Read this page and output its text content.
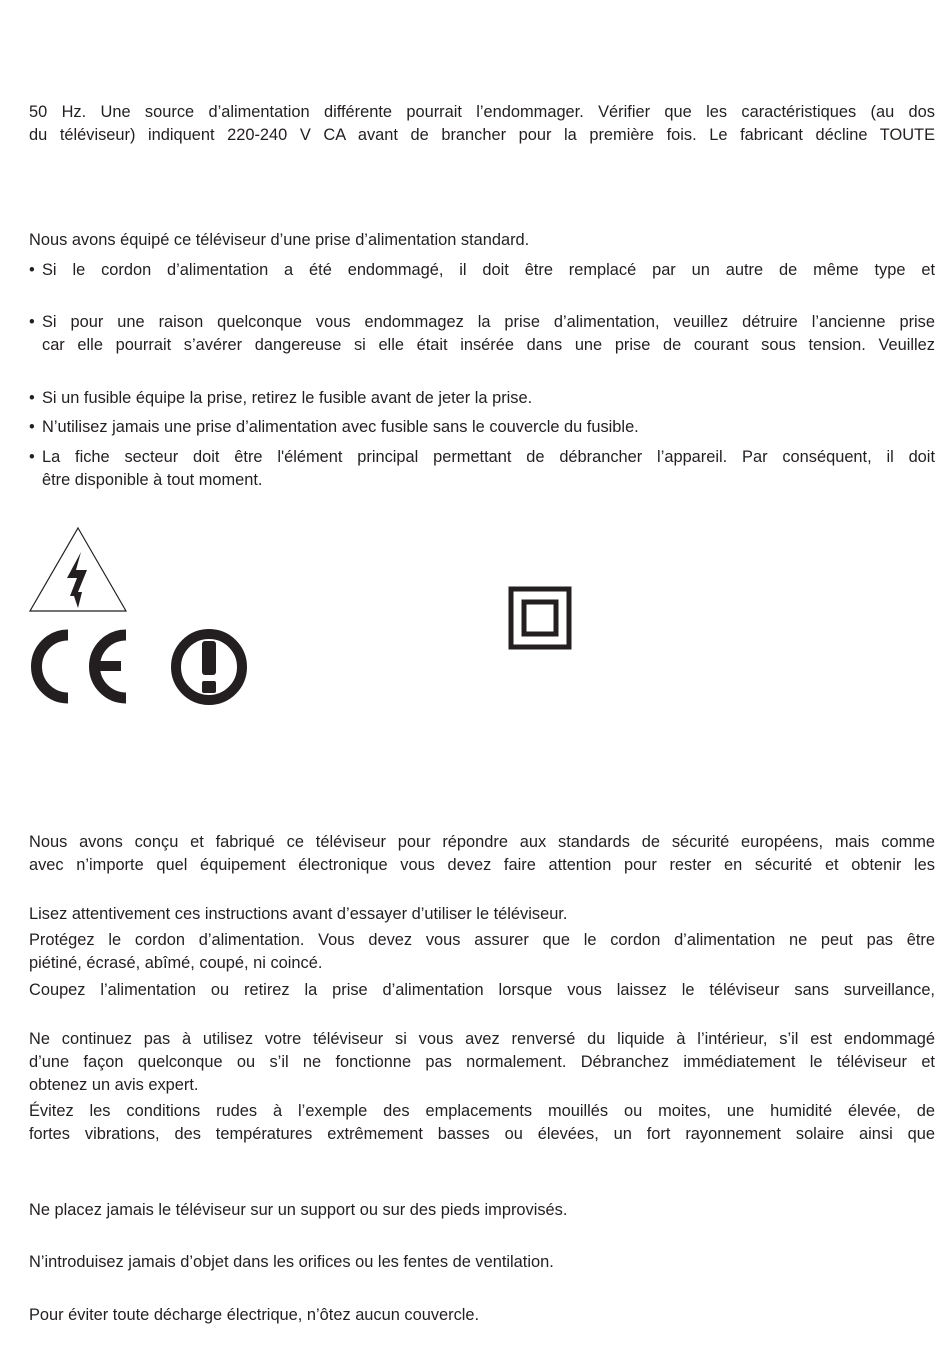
50 Hz. Une source d’alimentation différente pourrait l’endommager. Vérifier que les caractéristiques (au dos
du téléviseur) indiquent 220-240 V CA avant de brancher pour la première fois. Le fabricant décline TOUTE
Nous avons équipé ce téléviseur d’une prise d’alimentation standard.
• Si le cordon d’alimentation a été endommagé, il doit être remplacé par un autre de même type et
• Si pour une raison quelconque vous endommagez la prise d’alimentation, veuillez détruire l’ancienne prise
car elle pourrait s’avérer dangereuse si elle était insérée dans une prise de courant sous tension. Veuillez
• Si un fusible équipe la prise, retirez le fusible avant de jeter la prise.
• N’utilisez jamais une prise d’alimentation avec fusible sans le couvercle du fusible.
• La fiche secteur doit être l'élément principal permettant de débrancher l’appareil. Par conséquent, il doit
être disponible à tout moment.
Nous avons conçu et fabriqué ce téléviseur pour répondre aux standards de sécurité européens, mais comme
avec n’importe quel équipement électronique vous devez faire attention pour rester en sécurité et obtenir les
Lisez attentivement ces instructions avant d’essayer d’utiliser le téléviseur.
Protégez le cordon d’alimentation. Vous devez vous assurer que le cordon d’alimentation ne peut pas être
piétiné, écrasé, abîmé, coupé, ni coincé.
Coupez l’alimentation ou retirez la prise d’alimentation lorsque vous laissez le téléviseur sans surveillance,
Ne continuez pas à utilisez votre téléviseur si vous avez renversé du liquide à l’intérieur, s’il est endommagé
d’une façon quelconque ou s’il ne fonctionne pas normalement. Débranchez immédiatement le téléviseur et
obtenez un avis expert.
Évitez les conditions rudes à l’exemple des emplacements mouillés ou moites, une humidité élevée, de
fortes vibrations, des températures extrêmement basses ou élevées, un fort rayonnement solaire ainsi que
Ne placez jamais le téléviseur sur un support ou sur des pieds improvisés.
N’introduisez jamais d’objet dans les orifices ou les fentes de ventilation.
Pour éviter toute décharge électrique, n’ôtez aucun couvercle.
